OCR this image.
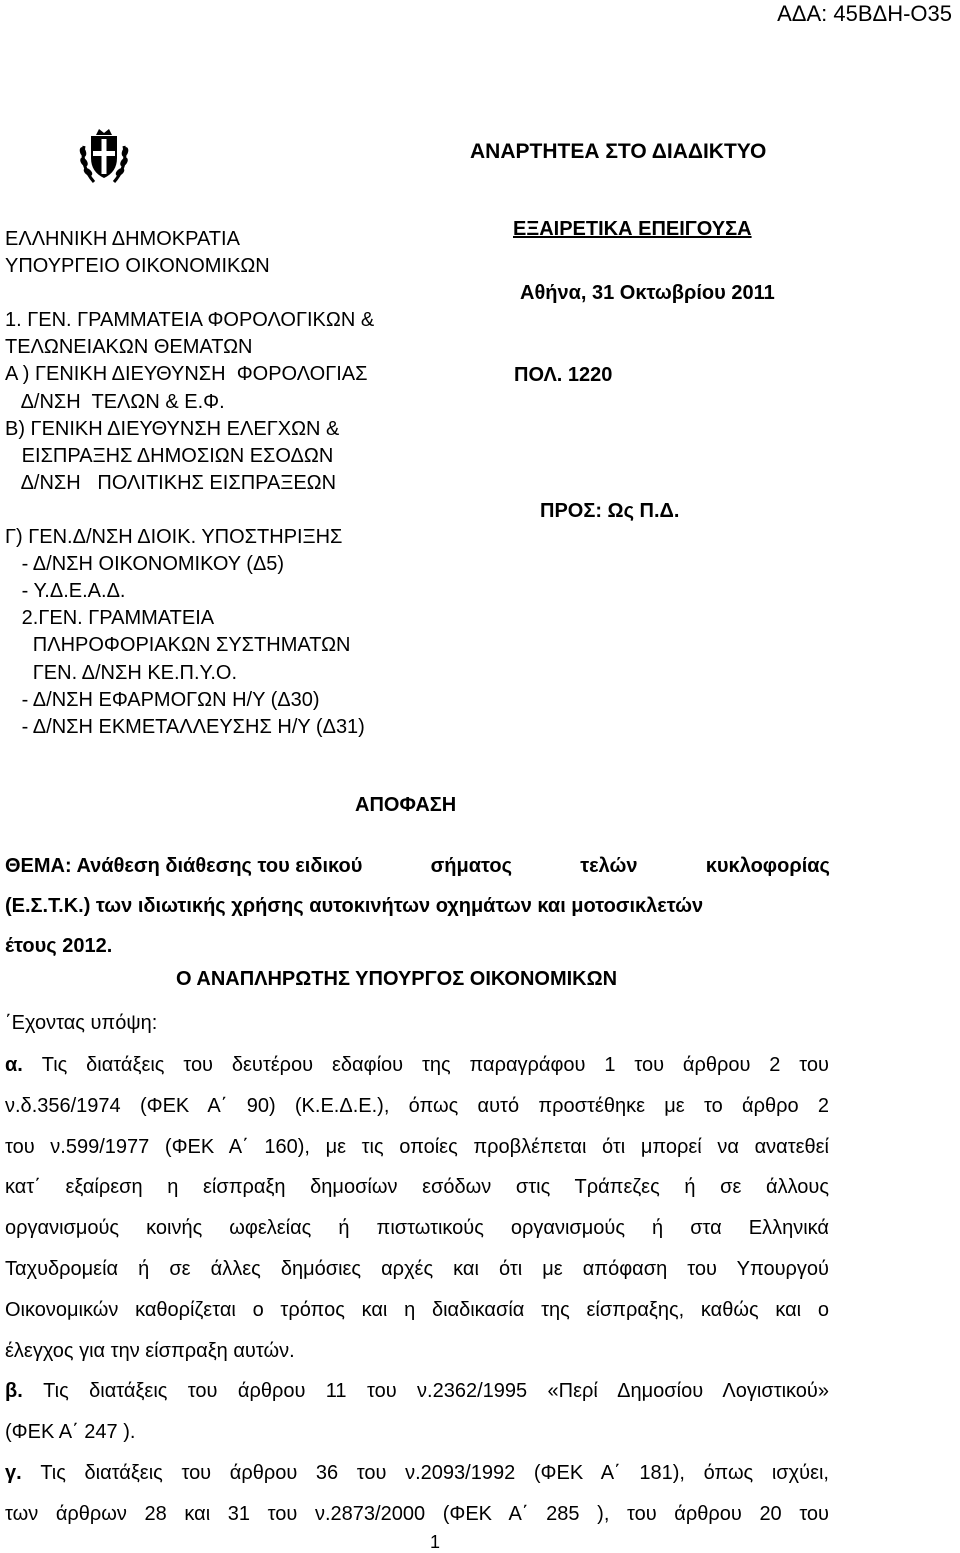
ΑΔΑ: 45ΒΔΗ-Ο35
ΑΝΑΡΤΗΤΕΑ ΣΤΟ ΔΙΑΔΙΚΤΥΟ
ΕΛΛΗΝΙΚΗ ΔΗΜΟΚΡΑΤΙΑ
ΥΠΟΥΡΓΕΙΟ ΟΙΚΟΝΟΜΙΚΩΝ

1. ΓΕΝ. ΓΡΑΜΜΑΤΕΙΑ ΦΟΡΟΛΟΓΙΚΩΝ &
ΤΕΛΩΝΕΙΑΚΩΝ ΘΕΜΑΤΩΝ
Α ) ΓΕΝΙΚΗ ΔΙΕΥΘΥΝΣΗ  ΦΟΡΟΛΟΓΙΑΣ
Δ/ΝΣΗ  ΤΕΛΩΝ & Ε.Φ.
Β) ΓΕΝΙΚΗ ΔΙΕΥΘΥΝΣΗ ΕΛΕΓΧΩΝ &
ΕΙΣΠΡΑΞΗΣ ΔΗΜΟΣΙΩΝ ΕΣΟΔΩΝ
Δ/ΝΣΗ   ΠΟΛΙΤΙΚΗΣ ΕΙΣΠΡΑΞΕΩΝ

Γ) ΓΕΝ.Δ/ΝΣΗ ΔΙΟΙΚ. ΥΠΟΣΤΗΡΙΞΗΣ
- Δ/ΝΣΗ ΟΙΚΟΝΟΜΙΚΟΥ (Δ5)
- Υ.Δ.Ε.Α.Δ.
2.ΓΕΝ. ΓΡΑΜΜΑΤΕΙΑ
ΠΛΗΡΟΦΟΡΙΑΚΩΝ ΣΥΣΤΗΜΑΤΩΝ
ΓΕΝ. Δ/ΝΣΗ ΚΕ.Π.Υ.Ο.
- Δ/ΝΣΗ ΕΦΑΡΜΟΓΩΝ Η/Υ (Δ30)
- Δ/ΝΣΗ ΕΚΜΕΤΑΛΛΕΥΣΗΣ Η/Υ (Δ31)
ΕΞΑΙΡΕΤΙΚΑ ΕΠΕΙΓΟΥΣΑ
Αθήνα, 31 Οκτωβρίου 2011
ΠΟΛ. 1220
ΠΡΟΣ: Ως Π.Δ.
ΑΠΟΦΑΣΗ
ΘΕΜΑ: Ανάθεση διάθεσης του ειδικού	σήματος	τελών	κυκλοφορίας
(Ε.Σ.Τ.Κ.) των ιδιωτικής χρήσης αυτοκινήτων οχημάτων και μοτοσικλετών
έτους 2012.
Ο ΑΝΑΠΛΗΡΩΤΗΣ ΥΠΟΥΡΓΟΣ ΟΙΚΟΝΟΜΙΚΩΝ
΄Εχοντας υπόψη:
α. Τις διατάξεις του δευτέρου εδαφίου της παραγράφου 1 του άρθρου 2 του
ν.δ.356/1974 (ΦΕΚ Α΄ 90) (Κ.Ε.Δ.Ε.), όπως αυτό προστέθηκε με το άρθρο 2
του ν.599/1977 (ΦΕΚ Α΄ 160), με τις οποίες προβλέπεται ότι μπορεί να ανατεθεί
κατ΄ εξαίρεση η είσπραξη δημοσίων εσόδων στις Τράπεζες ή σε άλλους
οργανισμούς κοινής ωφελείας ή πιστωτικούς οργανισμούς ή στα Ελληνικά
Ταχυδρομεία ή σε άλλες δημόσιες αρχές και ότι με απόφαση του Υπουργού
Οικονομικών καθορίζεται ο τρόπος και η διαδικασία της είσπραξης, καθώς και ο
έλεγχος για την είσπραξη αυτών.
β. Τις διατάξεις του άρθρου 11 του ν.2362/1995 «Περί Δημοσίου Λογιστικού»
(ΦΕΚ Α΄ 247 ).
γ. Τις διατάξεις του άρθρου 36 του ν.2093/1992 (ΦΕΚ Α΄ 181), όπως ισχύει,
των άρθρων 28 και 31 του ν.2873/2000 (ΦΕΚ Α΄ 285 ), του άρθρου 20 του
1
